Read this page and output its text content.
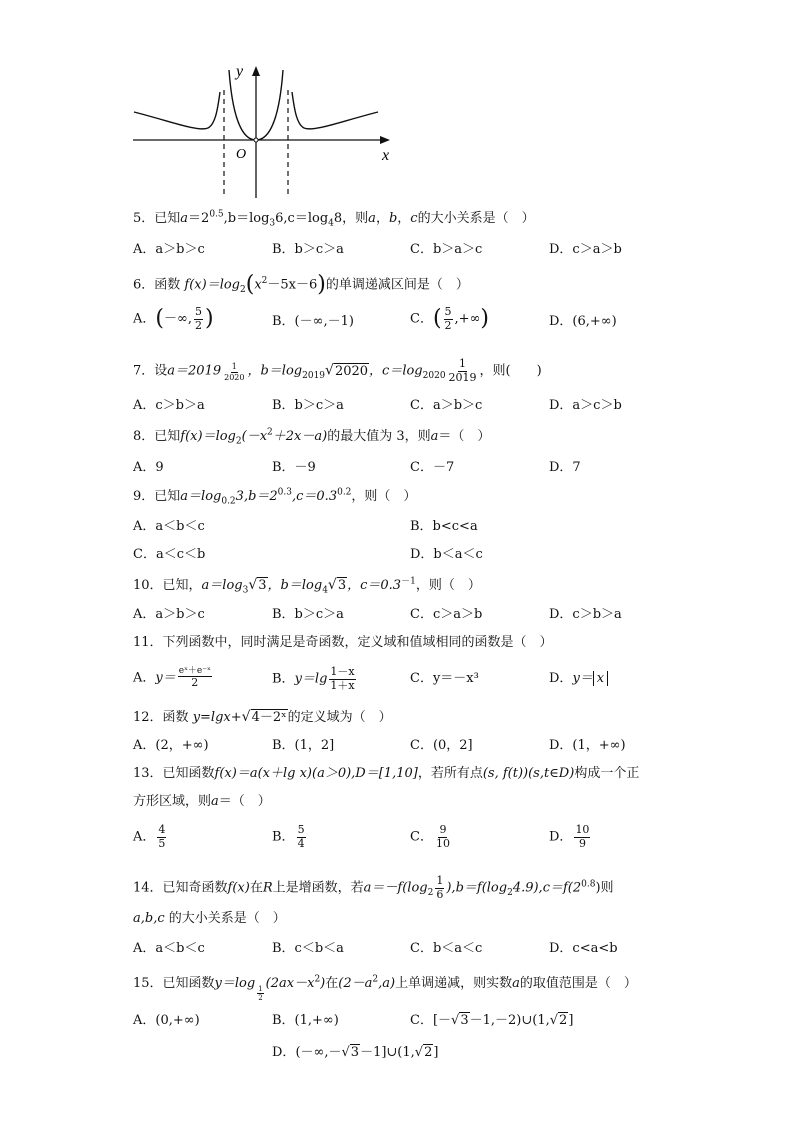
y
x
O
5．已知$a=2^{0.5},b=\log_36,c=\log_48$，则a，b，c的大小关系是（　）
A．a＞b＞c	B．b＞c＞a	C．b＞a＞c	D．c＞a＞b
6．函数 $f(x)=\log_2(x^2-5x-6)$的单调递减区间是（　）
A．(－∞, $\frac{5}{2}$ )	B．(－∞,－1)	C．( $\frac{5}{2}$ ,+∞)	D．(6,+∞)
7．设a＝2019 $^{\frac{1}{2020}}$ ，$b=\log_{2019}√2020$，$c=\log_{2020} \frac{1}{2019}$ ，则(　　)
A．c＞b＞a	B．b＞c＞a	C．a＞b＞c	D．a＞c＞b
8．已知$f(x)=\log_2(-x^2+2x-a)$的最大值为 3，则a＝（　）
A．9	B．－9	C．－7	D．7
9．已知$a=\log_{0.2}3,b=2^{0.3},c=0.3^{0.2}$，则（　）
A．a＜b＜c	B．b<c<a
C．a＜c＜b	D．b＜a＜c
10．已知，$a=\log_3√3$，$b=\log_4√3$，$c=0.3^{-1}$，则（　）
A．a＞b＞c	B．b＞c＞a	C．c＞a＞b	D．c＞b＞a
11．下列函数中，同时满足是奇函数，定义域和值域相同的函数是（　）
A．$y= \frac{\text{eˣ＋e⁻ˣ}}{2}$	B．$y=\lg \frac{1-x}{1+x}$	C．y＝－x³	D．y＝ x
12．函数 y=lgx+√4－2ˣ的定义域为（　）
A．(2，+∞)	B．(1，2]	C．(0，2]	D．(1，+∞)
13．已知函数f(x)＝a(x＋lg x)(a＞0),D＝[1,10]，若所有点(s, f(t))(s,t∈D)构成一个正
方形区域，则a＝（　）
A． $\frac{4}{5}$	B． $\frac{5}{4}$	C． $\frac{9}{10}$	D． $\frac{10}{9}$
14．已知奇函数f(x)在R上是增函数，若$a=-f(\log_2 \frac{1}{6} ),b=f(\log_24.9),c=f(2^{0.8})$则
a,b,c 的大小关系是（　）
A．a＜b＜c	B．c＜b＜a	C．b＜a＜c	D．c<a<b
15．已知函数y＝log
$_{\frac{1}{2}}$
$(2ax-x^2)$在$(2-a^2,a)$上单调递减，则实数a的取值范围是（　）
A．(0,+∞)	B．(1,+∞)	C．[－√3－1,－2)∪(1,√2]
D．(－∞,－√3－1]∪(1,√2]
